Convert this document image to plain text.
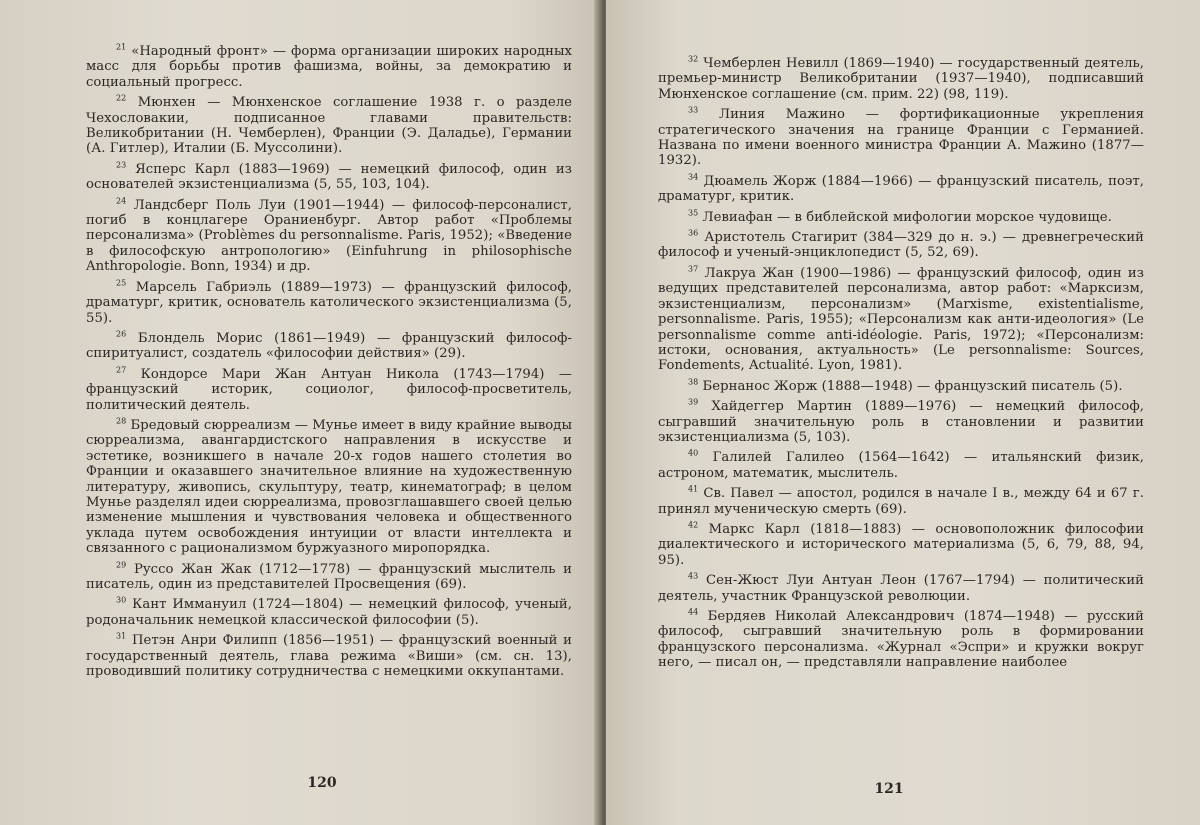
$^{21}$ «Народный фронт» — форма организации широких народных масс для борьбы против фашизма, войны, за демократию и социальный прогресс.

$^{22}$ Мюнхен — Мюнхенское соглашение 1938 г. о разделе Чехословакии, подписанное главами правительств: Великобритании (Н. Чемберлен), Франции (Э. Даладье), Германии (А. Гитлер), Италии (Б. Муссолини).

$^{23}$ Ясперс Карл (1883—1969) — немецкий философ, один из основателей экзистенциализма (5, 55, 103, 104).

$^{24}$ Ландсберг Поль Луи (1901—1944) — философ-персоналист, погиб в концлагере Ораниенбург. Автор работ «Проблемы персонализма» (Problèmes du personnalisme. Paris, 1952); «Введение в философскую антропологию» (Einfuhrung in philosophische Anthropologie. Bonn, 1934) и др.

$^{25}$ Марсель Габриэль (1889—1973) — французский философ, драматург, критик, основатель католического экзистенциализма (5, 55).

$^{26}$ Блондель Морис (1861—1949) — французский философ-спиритуалист, создатель «философии действия» (29).

$^{27}$ Кондорсе Мари Жан Антуан Никола (1743—1794) — французский историк, социолог, философ-просветитель, политический деятель.

$^{28}$ Бредовый сюрреализм — Мунье имеет в виду крайние выводы сюрреализма, авангардистского направления в искусстве и эстетике, возникшего в начале 20-х годов нашего столетия во Франции и оказавшего значительное влияние на художественную литературу, живопись, скульптуру, театр, кинематограф; в целом Мунье разделял идеи сюрреализма, провозглашавшего своей целью изменение мышления и чувствования человека и общественного уклада путем освобождения интуиции от власти интеллекта и связанного с рационализмом буржуазного миропорядка.

$^{29}$ Руссо Жан Жак (1712—1778) — французский мыслитель и писатель, один из представителей Просвещения (69).

$^{30}$ Кант Иммануил (1724—1804) — немецкий философ, ученый, родоначальник немецкой классической философии (5).

$^{31}$ Петэн Анри Филипп (1856—1951) — французский военный и государственный деятель, глава режима «Виши» (см. сн. 13), проводивший политику сотрудничества с немецкими оккупантами.

120

$^{32}$ Чемберлен Невилл (1869—1940) — государственный деятель, премьер-министр Великобритании (1937—1940), подписавший Мюнхенское соглашение (см. прим. 22) (98, 119).

$^{33}$ Линия Мажино — фортификационные укрепления стратегического значения на границе Франции с Германией. Названа по имени военного министра Франции А. Мажино (1877—1932).

$^{34}$ Дюамель Жорж (1884—1966) — французский писатель, поэт, драматург, критик.

$^{35}$ Левиафан — в библейской мифологии морское чудовище.

$^{36}$ Аристотель Стагирит (384—329 до н. э.) — древнегреческий философ и ученый-энциклопедист (5, 52, 69).

$^{37}$ Лакруа Жан (1900—1986) — французский философ, один из ведущих представителей персонализма, автор работ: «Марксизм, экзистенциализм, персонализм» (Marxisme, existentialisme, personnalisme. Paris, 1955); «Персонализм как анти-идеология» (Le personnalisme comme anti-idéologie. Paris, 1972); «Персонализм: истоки, основания, актуальность» (Le personnalisme: Sources, Fondements, Actualité. Lyon, 1981).

$^{38}$ Бернанос Жорж (1888—1948) — французский писатель (5).

$^{39}$ Хайдеггер Мартин (1889—1976) — немецкий философ, сыгравший значительную роль в становлении и развитии экзистенциализма (5, 103).

$^{40}$ Галилей Галилео (1564—1642) — итальянский физик, астроном, математик, мыслитель.

$^{41}$ Св. Павел — апостол, родился в начале I в., между 64 и 67 г. принял мученическую смерть (69).

$^{42}$ Маркс Карл (1818—1883) — основоположник философии диалектического и исторического материализма (5, 6, 79, 88, 94, 95).

$^{43}$ Сен-Жюст Луи Антуан Леон (1767—1794) — политический деятель, участник Французской революции.

$^{44}$ Бердяев Николай Александрович (1874—1948) — русский философ, сыгравший значительную роль в формировании французского персонализма. «Журнал «Эспри» и кружки вокруг него, — писал он, — представляли направление наиболее

121
